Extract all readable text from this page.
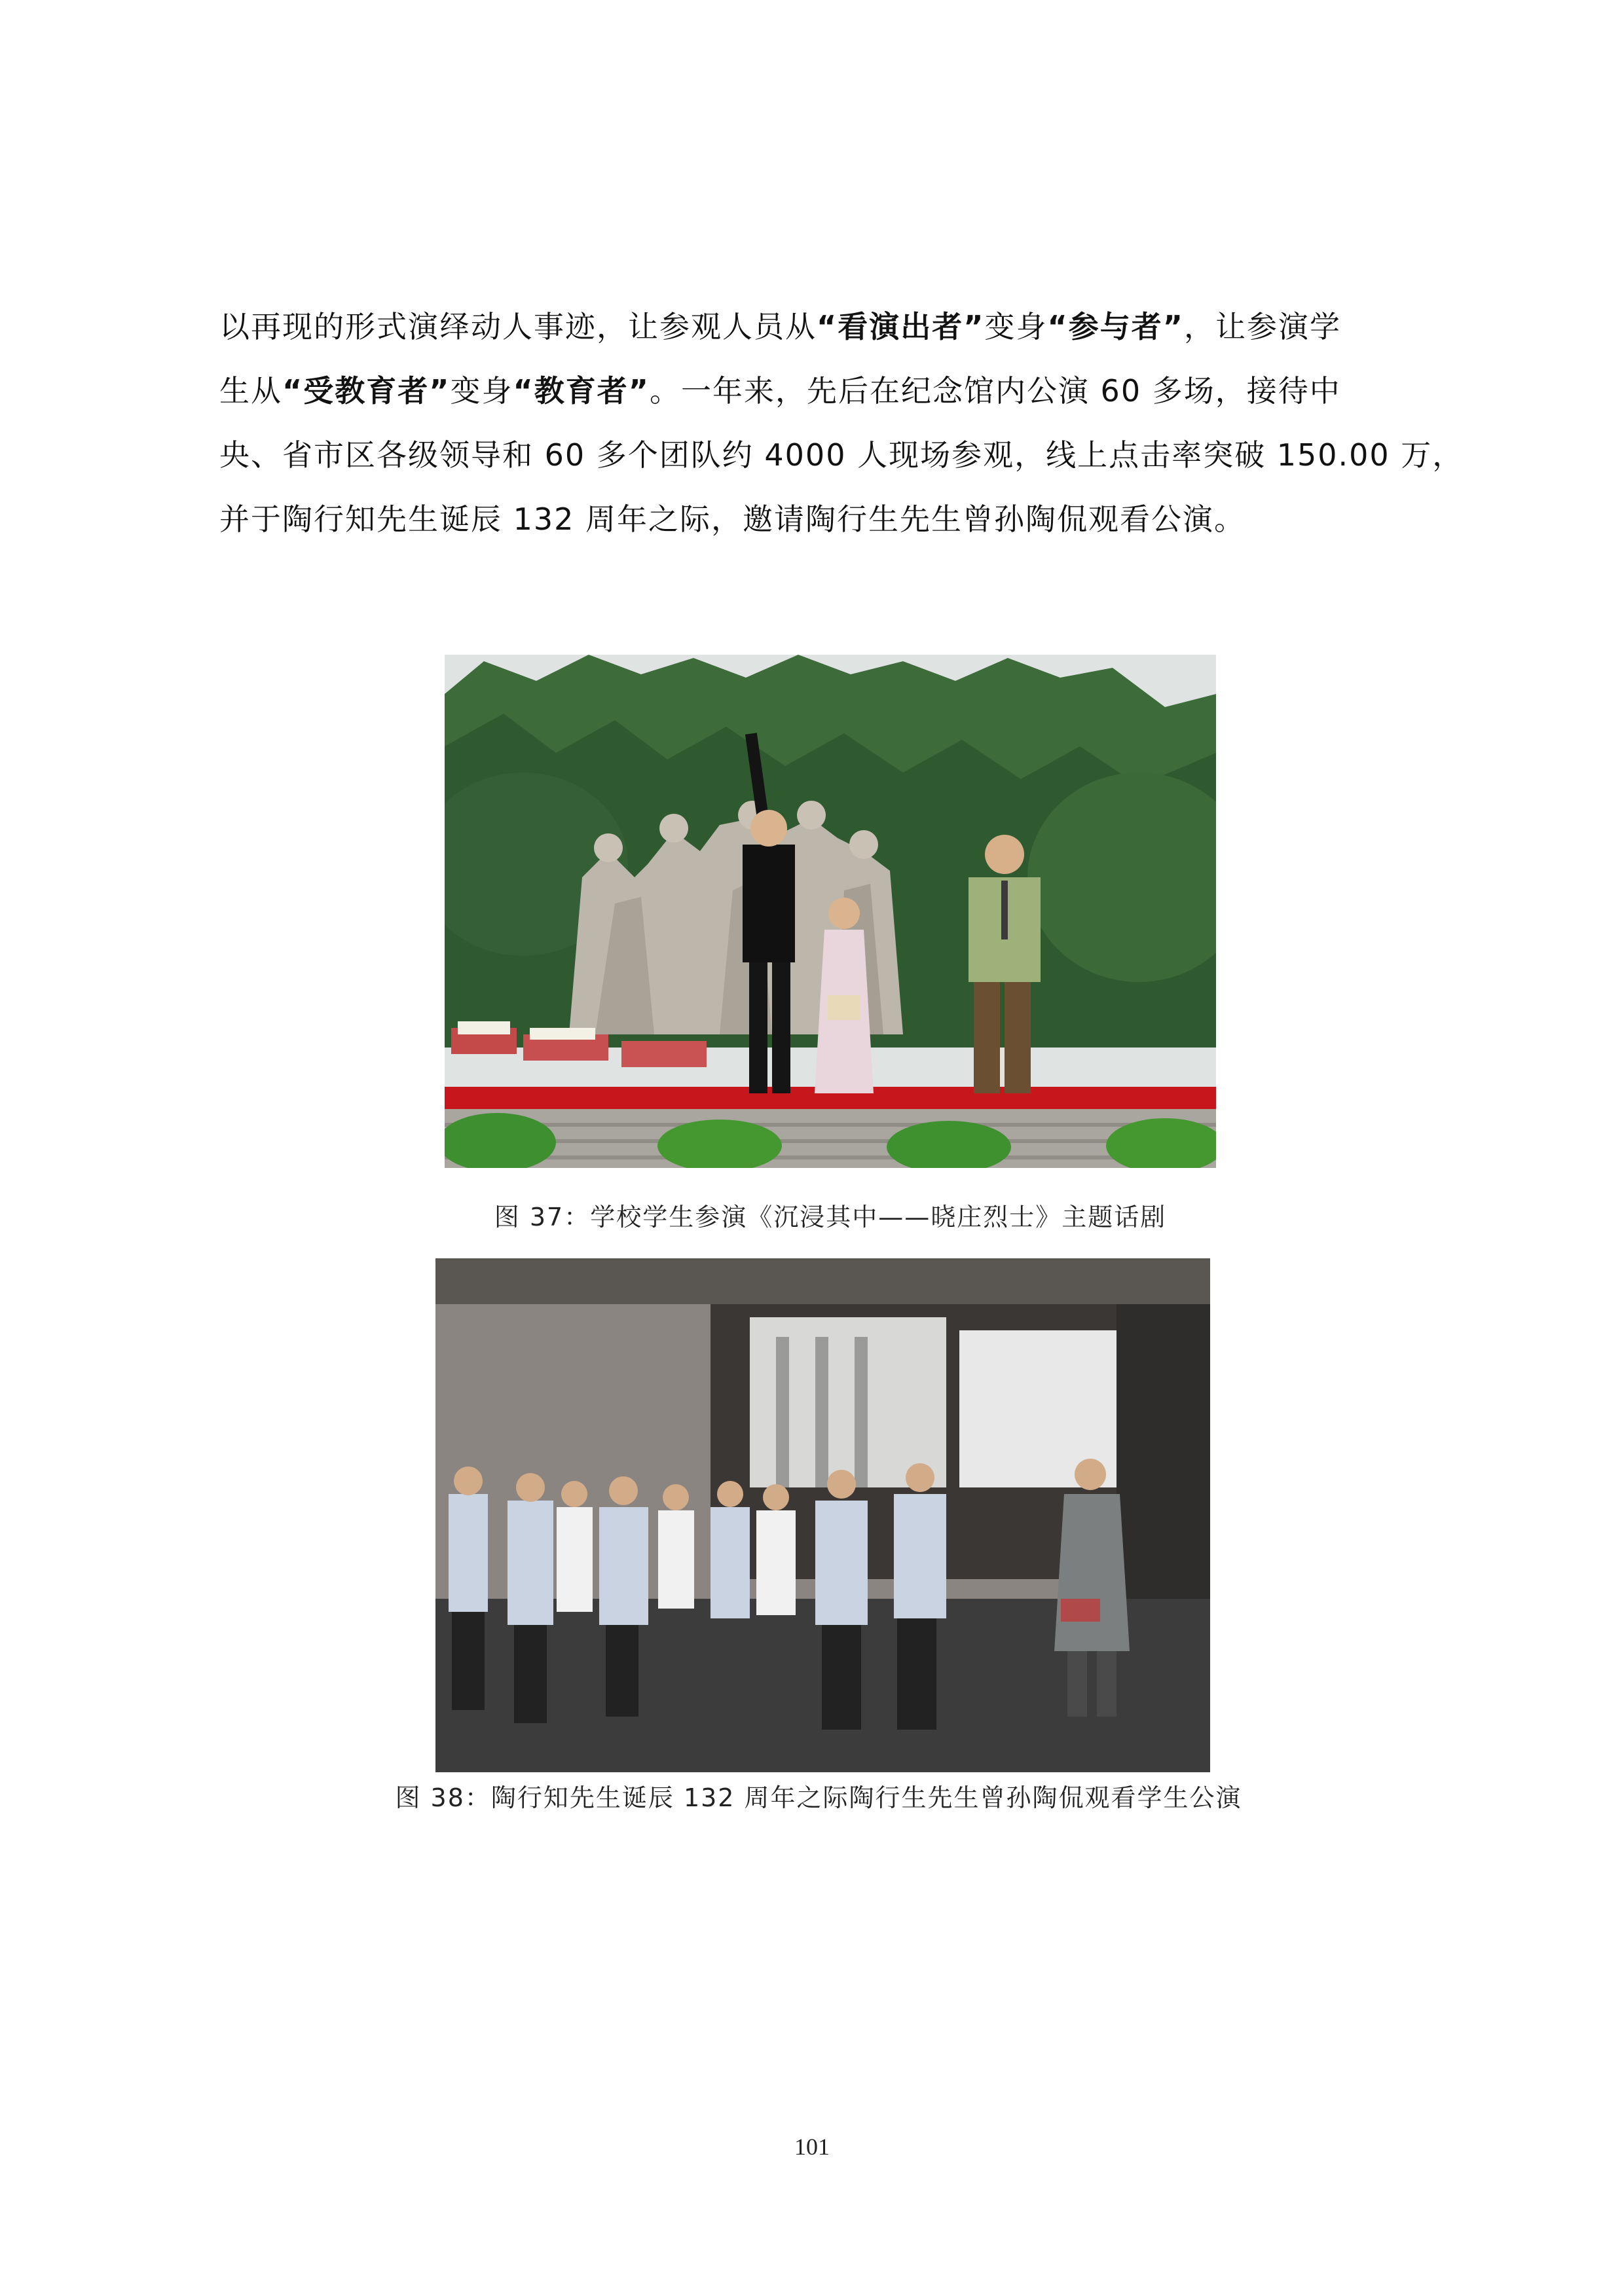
以再现的形式演绎动人事迹，让参观人员从“看演出者”变身“参与者”，让参演学
生从“受教育者”变身“教育者”。一年来，先后在纪念馆内公演 60 多场，接待中
央、省市区各级领导和 60 多个团队约 4000 人现场参观，线上点击率突破 150.00 万，
并于陶行知先生诞辰 132 周年之际，邀请陶行生先生曾孙陶侃观看公演。
图 37：学校学生参演《沉浸其中——晓庄烈士》主题话剧
图 38：陶行知先生诞辰 132 周年之际陶行生先生曾孙陶侃观看学生公演
101
